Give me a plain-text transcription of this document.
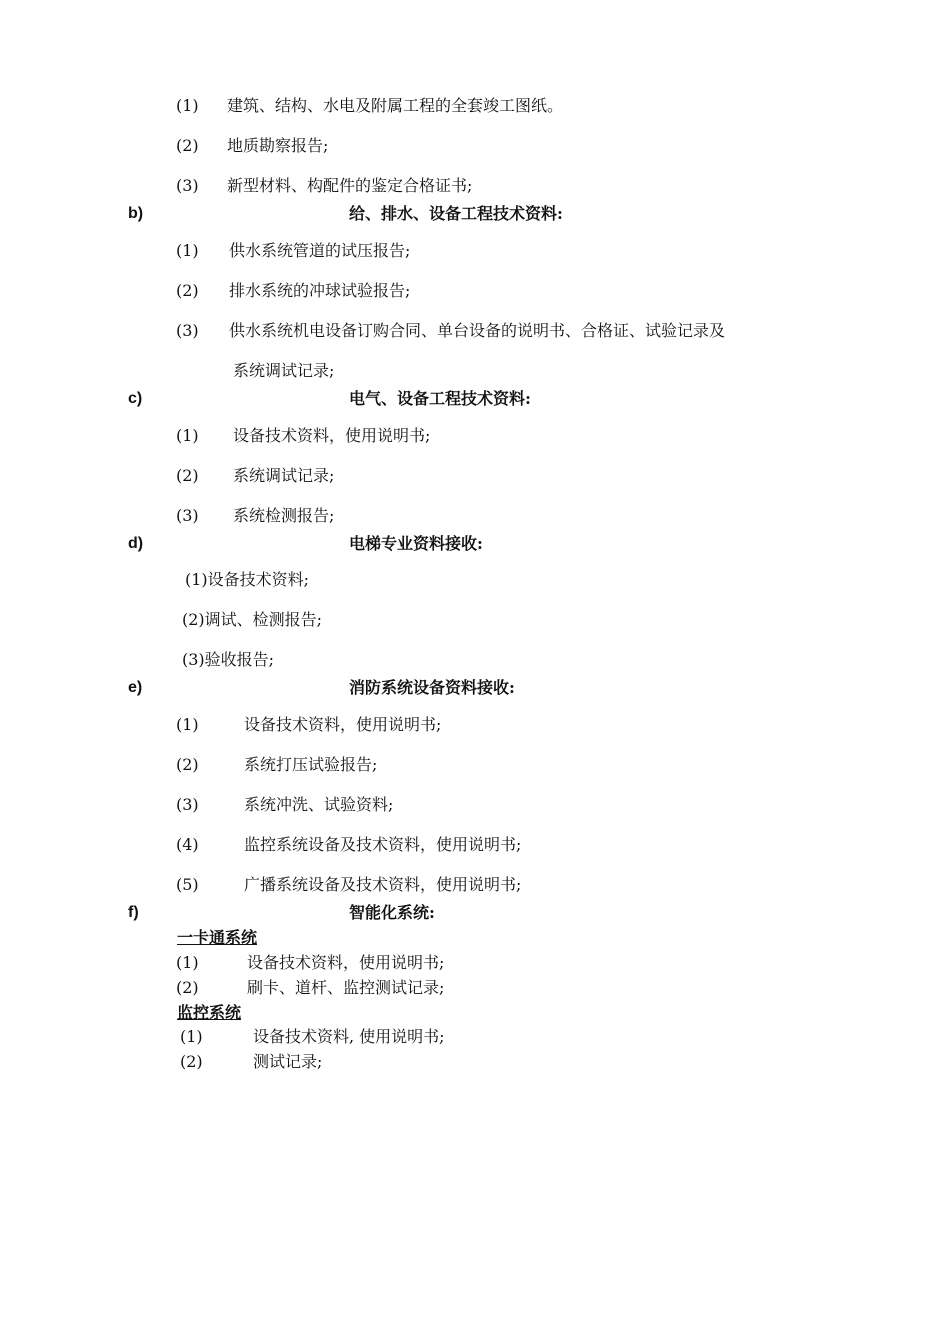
(1) 建筑、结构、水电及附属工程的全套竣工图纸。
(2) 地质勘察报告;
(3) 新型材料、构配件的鉴定合格证书;
b)	给、排水、设备工程技术资料:
(1) 供水系统管道的试压报告;
(2) 排水系统的冲球试验报告;
(3) 供水系统机电设备订购合同、单台设备的说明书、合格证、试验记录及
系统调试记录;
c)	电气、设备工程技术资料:
(1) 设备技术资料，使用说明书;
(2) 系统调试记录;
(3) 系统检测报告;
d)	电梯专业资料接收:
(1)设备技术资料;
(2)调试、检测报告;
(3)验收报告;
e)	消防系统设备资料接收:
(1)	设备技术资料，使用说明书;
(2)	系统打压试验报告;
(3)	系统冲洗、试验资料;
(4)	监控系统设备及技术资料，使用说明书;
(5)	广播系统设备及技术资料，使用说明书;
f)	智能化系统:
一卡通系统
(1)	设备技术资料，使用说明书;
(2)	刷卡、道杆、监控测试记录;
监控系统
(1)	设备技术资料, 使用说明书;
(2)	测试记录;
